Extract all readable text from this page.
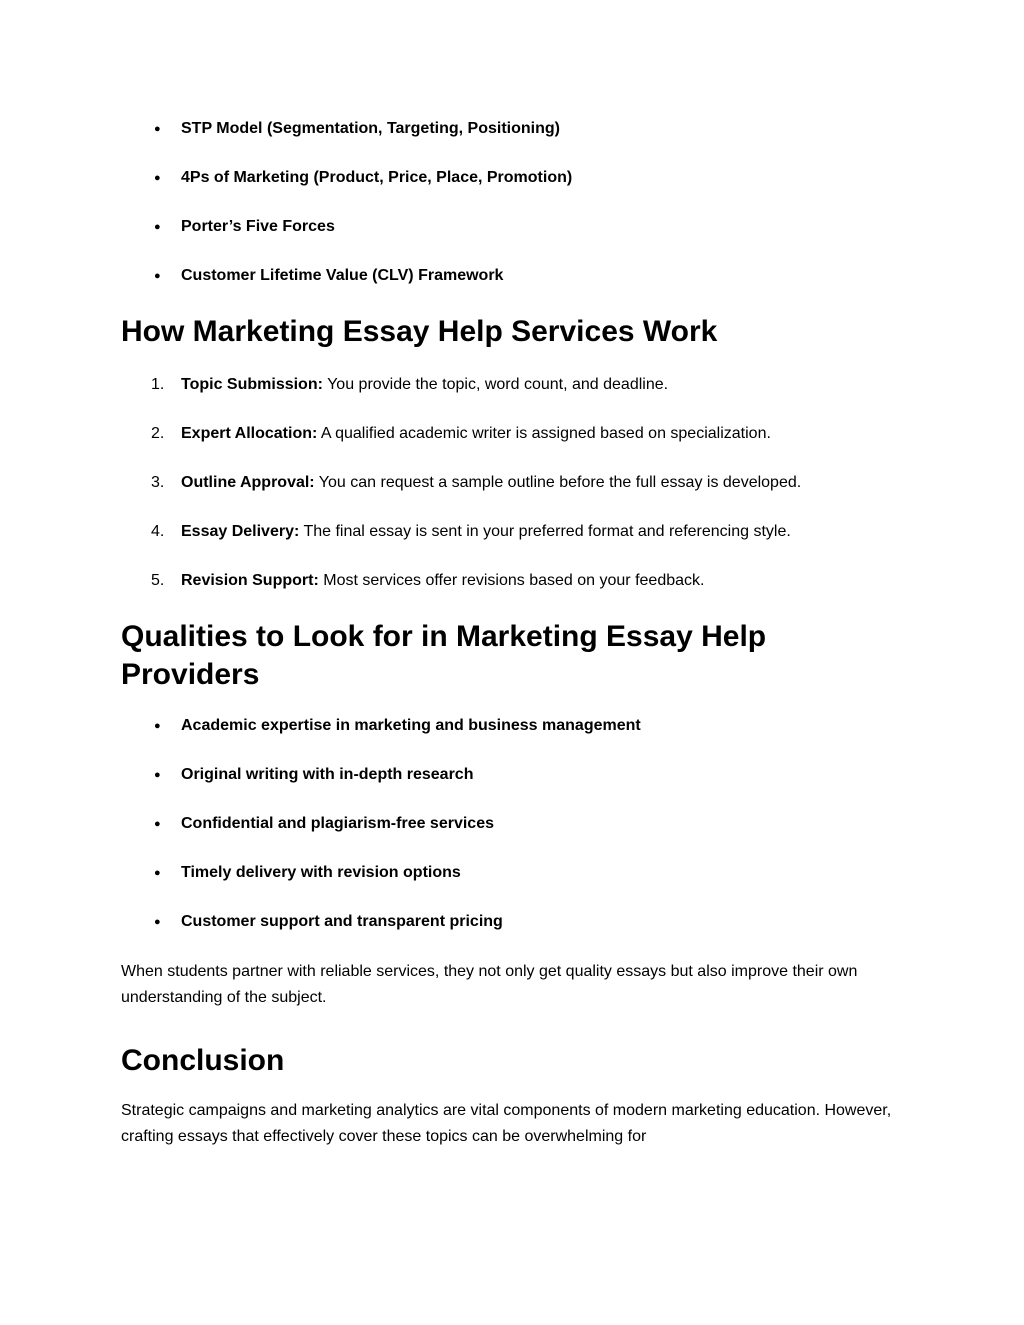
● STP Model (Segmentation, Targeting, Positioning)
● 4Ps of Marketing (Product, Price, Place, Promotion)
● Porter’s Five Forces
● Customer Lifetime Value (CLV) Framework
How Marketing Essay Help Services Work
1. Topic Submission: You provide the topic, word count, and deadline.
2. Expert Allocation: A qualified academic writer is assigned based on specialization.
3. Outline Approval: You can request a sample outline before the full essay is developed.
4. Essay Delivery: The final essay is sent in your preferred format and referencing style.
5. Revision Support: Most services offer revisions based on your feedback.
Qualities to Look for in Marketing Essay Help Providers
● Academic expertise in marketing and business management
● Original writing with in-depth research
● Confidential and plagiarism-free services
● Timely delivery with revision options
● Customer support and transparent pricing

When students partner with reliable services, they not only get quality essays but also improve their own understanding of the subject.

Conclusion

Strategic campaigns and marketing analytics are vital components of modern marketing education. However, crafting essays that effectively cover these topics can be overwhelming for
